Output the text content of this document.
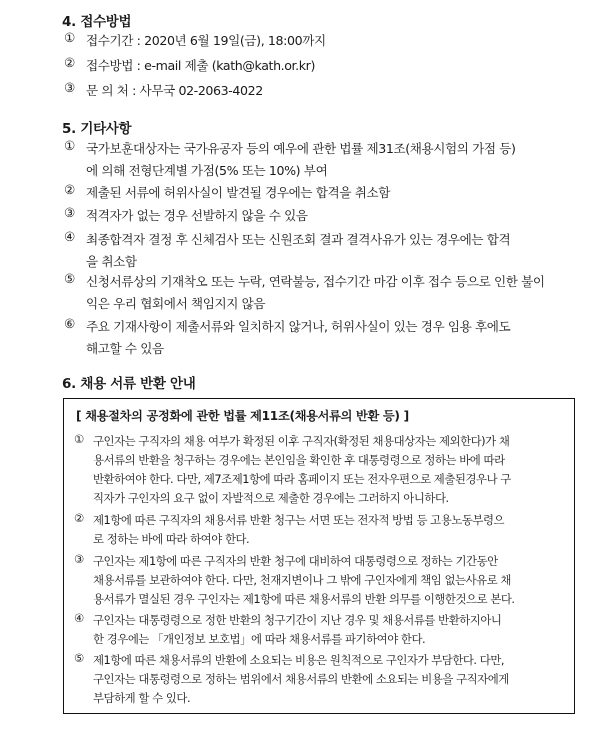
4. 접수방법
① 접수기간 : 2020년 6월 19일(금), 18:00까지
② 접수방법 : e-mail 제출 (kath@kath.or.kr)
③ 문 의 처 : 사무국 02-2063-4022
5. 기타사항
① 국가보훈대상자는 국가유공자 등의 예우에 관한 법률 제31조(채용시험의 가점 등)
에 의해 전형단계별 가점(5% 또는 10%) 부여
② 제출된 서류에 허위사실이 발견될 경우에는 합격을 취소함
③ 적격자가 없는 경우 선발하지 않을 수 있음
④ 최종합격자 결정 후 신체검사 또는 신원조회 결과 결격사유가 있는 경우에는 합격
을 취소함
⑤ 신청서류상의 기재착오 또는 누락, 연락불능, 접수기간 마감 이후 접수 등으로 인한 불이
익은 우리 협회에서 책임지지 않음
⑥ 주요 기재사항이 제출서류와 일치하지 않거나, 허위사실이 있는 경우 임용 후에도
해고할 수 있음
6. 채용 서류 반환 안내
[ 채용절차의 공정화에 관한 법률 제11조(채용서류의 반환 등) ]
① 구인자는 구직자의 채용 여부가 확정된 이후 구직자(확정된 채용대상자는 제외한다)가 채
용서류의 반환을 청구하는 경우에는 본인임을 확인한 후 대통령령으로 정하는 바에 따라
반환하여야 한다. 다만, 제7조제1항에 따라 홈페이지 또는 전자우편으로 제출된경우나 구
직자가 구인자의 요구 없이 자발적으로 제출한 경우에는 그러하지 아니하다.
② 제1항에 따른 구직자의 채용서류 반환 청구는 서면 또는 전자적 방법 등 고용노동부령으
로 정하는 바에 따라 하여야 한다.
③ 구인자는 제1항에 따른 구직자의 반환 청구에 대비하여 대통령령으로 정하는 기간동안
채용서류를 보관하여야 한다. 다만, 천재지변이나 그 밖에 구인자에게 책임 없는사유로 채
용서류가 멸실된 경우 구인자는 제1항에 따른 채용서류의 반환 의무를 이행한것으로 본다.
④ 구인자는 대통령령으로 정한 반환의 청구기간이 지난 경우 및 채용서류를 반환하지아니
한 경우에는 「개인정보 보호법」에 따라 채용서류를 파기하여야 한다.
⑤ 제1항에 따른 채용서류의 반환에 소요되는 비용은 원칙적으로 구인자가 부담한다. 다만,
구인자는 대통령령으로 정하는 범위에서 채용서류의 반환에 소요되는 비용을 구직자에게
부담하게 할 수 있다.
